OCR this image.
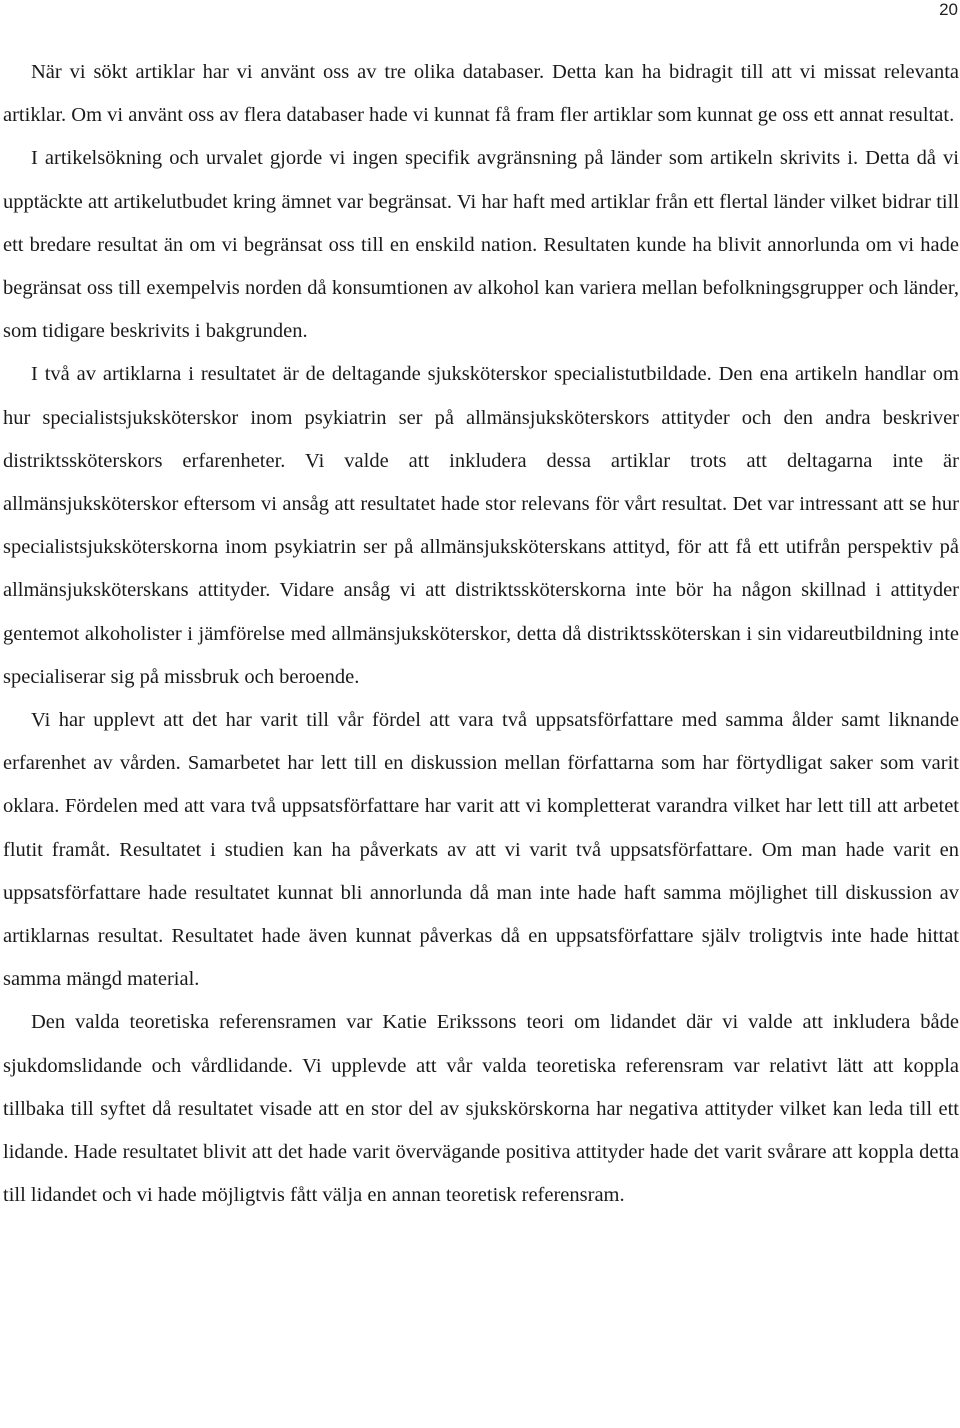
20

När vi sökt artiklar har vi använt oss av tre olika databaser. Detta kan ha bidragit till att vi missat relevanta artiklar. Om vi använt oss av flera databaser hade vi kunnat få fram fler artiklar som kunnat ge oss ett annat resultat.

I artikelsökning och urvalet gjorde vi ingen specifik avgränsning på länder som artikeln skrivits i. Detta då vi upptäckte att artikelutbudet kring ämnet var begränsat. Vi har haft med artiklar från ett flertal länder vilket bidrar till ett bredare resultat än om vi begränsat oss till en enskild nation. Resultaten kunde ha blivit annorlunda om vi hade begränsat oss till exempelvis norden då konsumtionen av alkohol kan variera mellan befolkningsgrupper och länder, som tidigare beskrivits i bakgrunden.

I två av artiklarna i resultatet är de deltagande sjuksköterskor specialistutbildade. Den ena artikeln handlar om hur specialistsjuksköterskor inom psykiatrin ser på allmänsjuksköterskors attityder och den andra beskriver distriktssköterskors erfarenheter. Vi valde att inkludera dessa artiklar trots att deltagarna inte är allmänsjuksköterskor eftersom vi ansåg att resultatet hade stor relevans för vårt resultat. Det var intressant att se hur specialistsjuksköterskorna inom psykiatrin ser på allmänsjuksköterskans attityd, för att få ett utifrån perspektiv på allmänsjuksköterskans attityder. Vidare ansåg vi att distriktssköterskorna inte bör ha någon skillnad i attityder gentemot alkoholister i jämförelse med allmänsjuksköterskor, detta då distriktssköterskan i sin vidareutbildning inte specialiserar sig på missbruk och beroende.

Vi har upplevt att det har varit till vår fördel att vara två uppsatsförfattare med samma ålder samt liknande erfarenhet av vården. Samarbetet har lett till en diskussion mellan författarna som har förtydligat saker som varit oklara. Fördelen med att vara två uppsatsförfattare har varit att vi kompletterat varandra vilket har lett till att arbetet flutit framåt. Resultatet i studien kan ha påverkats av att vi varit två uppsatsförfattare. Om man hade varit en uppsatsförfattare hade resultatet kunnat bli annorlunda då man inte hade haft samma möjlighet till diskussion av artiklarnas resultat. Resultatet hade även kunnat påverkas då en uppsatsförfattare själv troligtvis inte hade hittat samma mängd material.

Den valda teoretiska referensramen var Katie Erikssons teori om lidandet där vi valde att inkludera både sjukdomslidande och vårdlidande. Vi upplevde att vår valda teoretiska referensram var relativt lätt att koppla tillbaka till syftet då resultatet visade att en stor del av sjukskörskorna har negativa attityder vilket kan leda till ett lidande. Hade resultatet blivit att det hade varit övervägande positiva attityder hade det varit svårare att koppla detta till lidandet och vi hade möjligtvis fått välja en annan teoretisk referensram.
